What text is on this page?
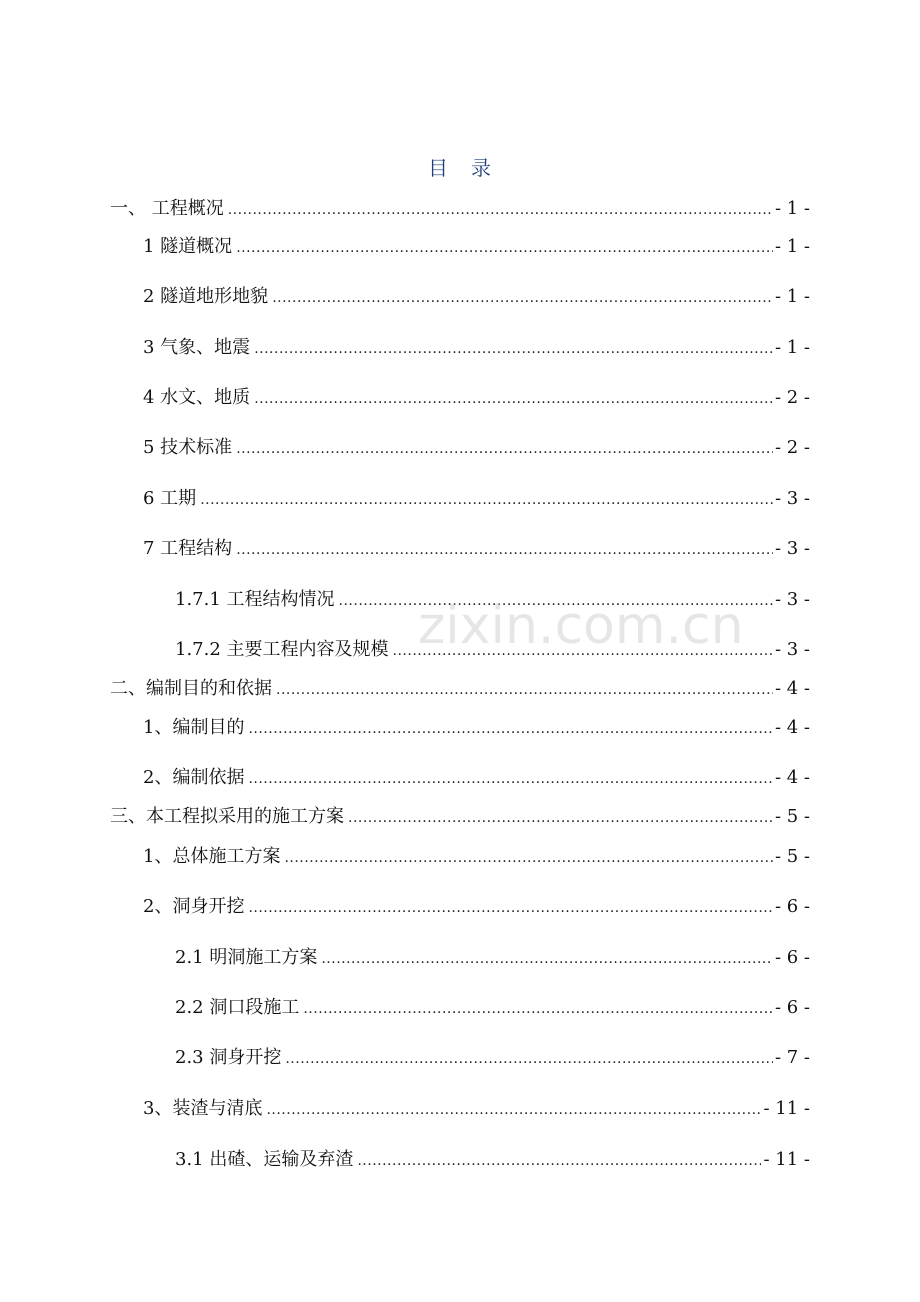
目 录
一、 工程概况 .....	- 1 -
1 隧道概况 .....	- 1 -
2 隧道地形地貌 .....	- 1 -
3 气象、地震 .....	- 1 -
4 水文、地质 .....	- 2 -
5 技术标准 .....	- 2 -
6 工期 .....	- 3 -
7 工程结构 .....	- 3 -
1.7.1 工程结构情况 .....	- 3 -
1.7.2 主要工程内容及规模 .....	- 3 -
二、编制目的和依据 .....	- 4 -
1、编制目的 .....	- 4 -
2、编制依据 .....	- 4 -
三、本工程拟采用的施工方案 .....	- 5 -
1、总体施工方案 .....	- 5 -
2、洞身开挖 .....	- 6 -
2.1 明洞施工方案 .....	- 6 -
2.2 洞口段施工 .....	- 6 -
2.3 洞身开挖 .....	- 7 -
3、装渣与清底 .....	- 11 -
3.1 出碴、运输及弃渣 .....	- 11 -
zixin.com.cn
